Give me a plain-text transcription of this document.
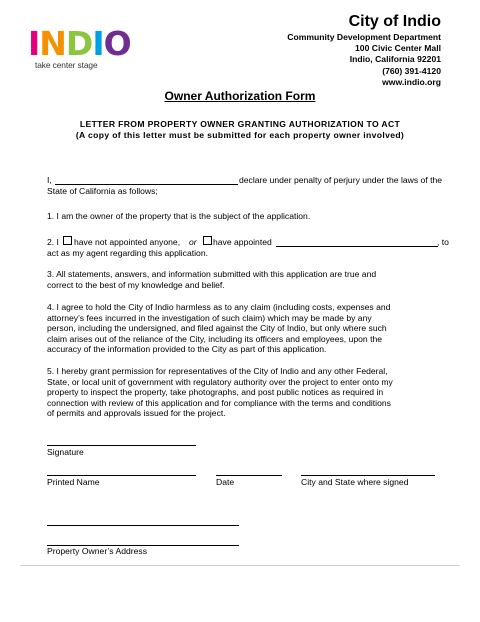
INDIO
take center stage
City of Indio
Community Development Department
100 Civic Center Mall
Indio, California 92201
(760) 391-4120
www.indio.org
Owner Authorization Form
LETTER FROM PROPERTY OWNER GRANTING AUTHORIZATION TO ACT
(A copy of this letter must be submitted for each property owner involved)
I,	declare under penalty of perjury under the laws of the
State of California as follows;
1. I am the owner of the property that is the subject of the application.
2. I have not appointed anyone, or have appointed	, to
act as my agent regarding this application.
3. All statements, answers, and information submitted with this application are true and
correct to the best of my knowledge and belief.
4. I agree to hold the City of Indio harmless as to any claim (including costs, expenses and
attorney’s fees incurred in the investigation of such claim) which may be made by any
person, including the undersigned, and filed against the City of Indio, but only where such
claim arises out of the reliance of the City, including its officers and employees, upon the
accuracy of the information provided to the City as part of this application.
5. I hereby grant permission for representatives of the City of Indio and any other Federal,
State, or local unit of government with regulatory authority over the project to enter onto my
property to inspect the property, take photographs, and post public notices as required in
connection with review of this application and for compliance with the terms and conditions
of permits and approvals issued for the project.
Signature
Printed Name	Date	City and State where signed
Property Owner’s Address
